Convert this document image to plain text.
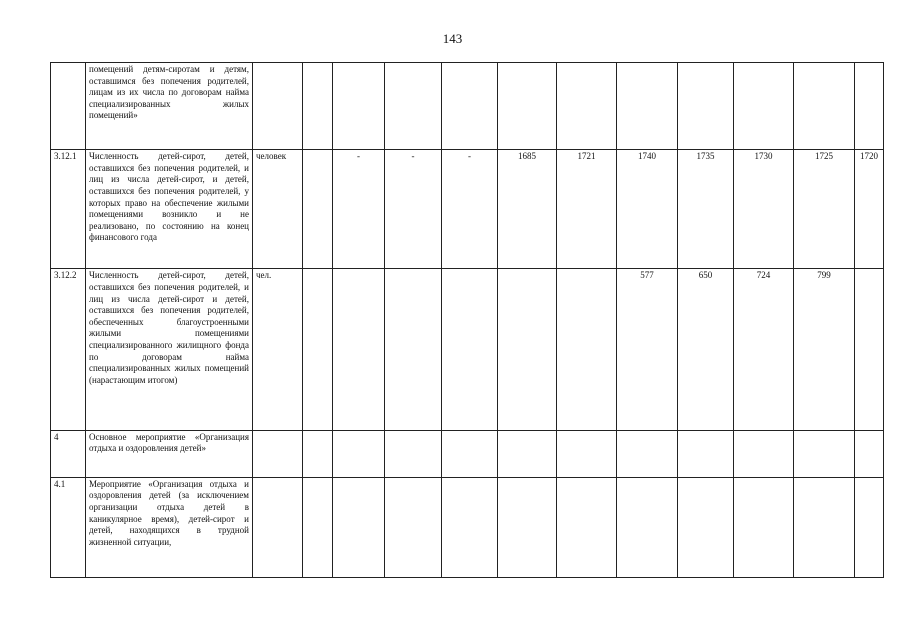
143
	помещений детям-сиротам и детям, оставшимся без попечения родителей, лицам из их числа по договорам найма специализированных жилых помещений»												
3.12.1	Численность детей-сирот, детей, оставшихся без попечения родителей, и лиц из числа детей-сирот, и детей, оставшихся без попечения родителей, у которых право на обеспечение жилыми помещениями возникло и не реализовано, по состоянию на конец финансового года	человек		-	-	-	1685	1721	1740	1735	1730	1725	1720
3.12.2	Численность детей-сирот, детей, оставшихся без попечения родителей, и лиц из числа детей-сирот и детей, оставшихся без попечения родителей, обеспеченных благоустроенными жилыми помещениями специализированного жилищного фонда по договорам найма специализированных жилых помещений (нарастающим итогом)	чел.							577	650	724	799	
4	Основное мероприятие «Организация отдыха и оздоровления детей»												
4.1	Мероприятие «Организация отдыха и оздоровления детей (за исключением организации отдыха детей в каникулярное время), детей-сирот и детей, находящихся в трудной жизненной ситуации,												
